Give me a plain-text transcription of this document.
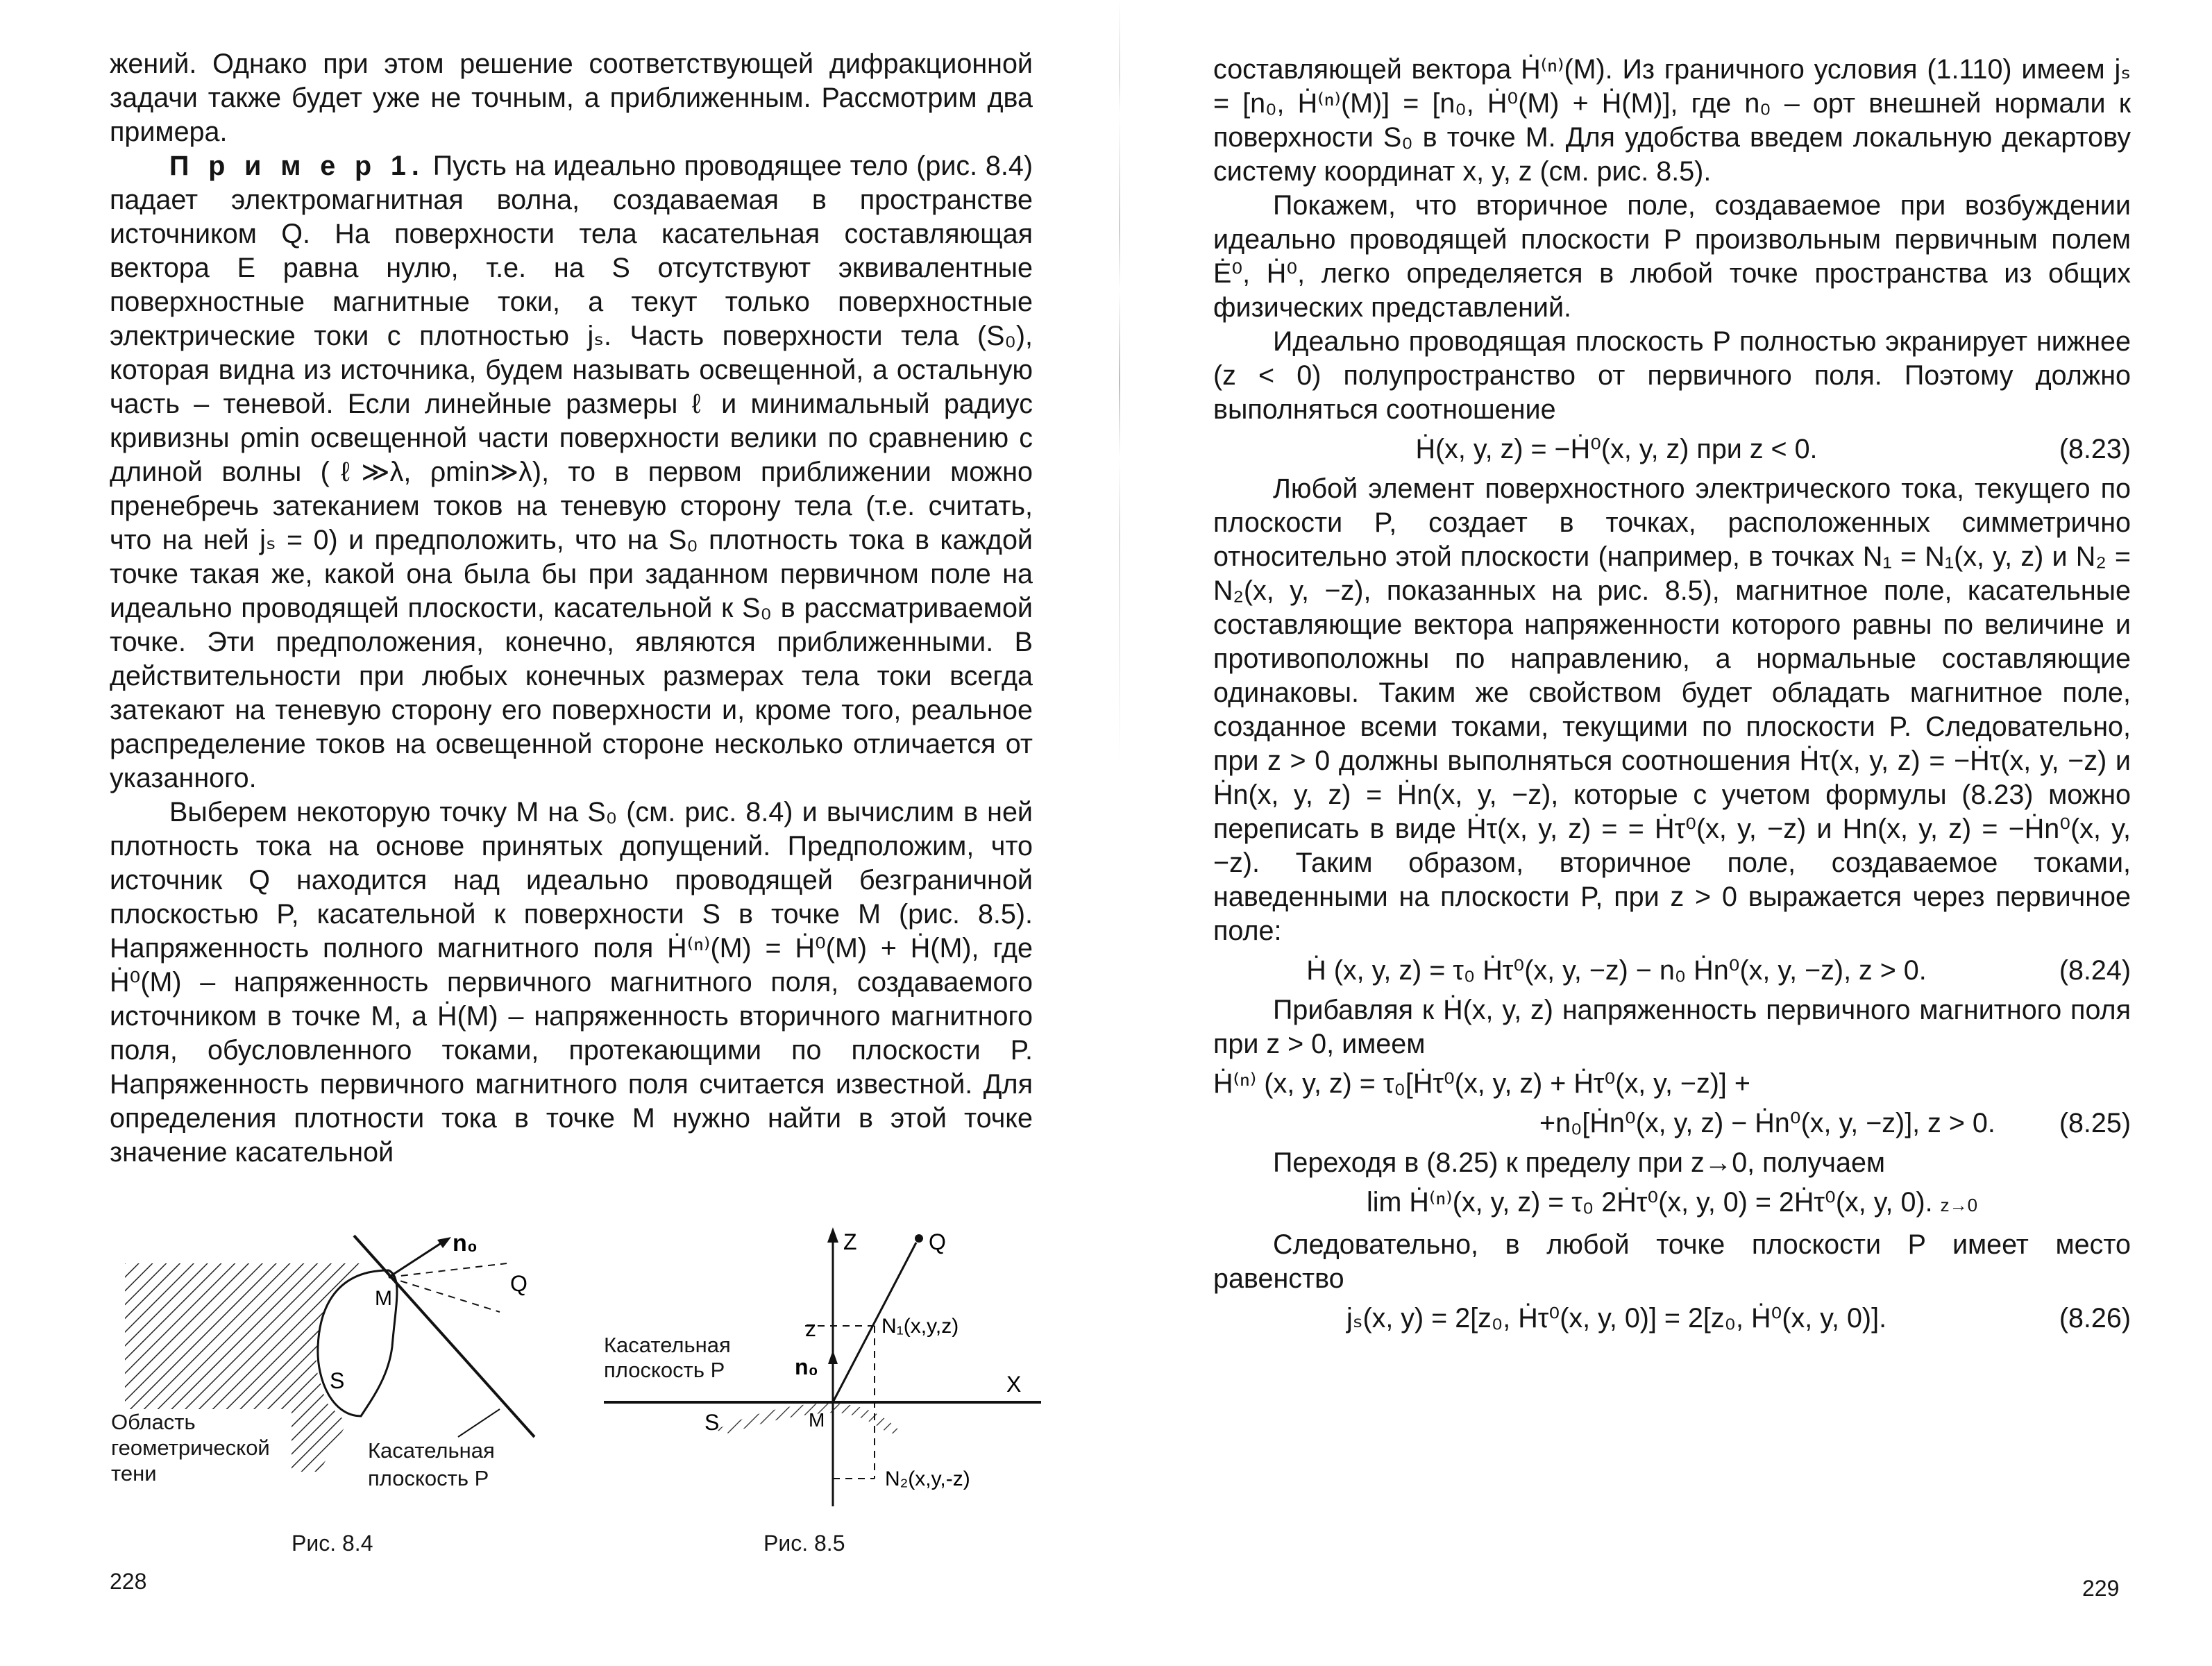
жений. Однако при этом решение соответствующей дифракционной задачи также будет уже не точным, а приближенным. Рассмотрим два примера.

П р и м е р 1. Пусть на идеально проводящее тело (рис. 8.4) падает электромагнитная волна, создаваемая в пространстве источником Q. На поверхности тела касательная составляющая вектора E равна нулю, т.е. на S отсутствуют эквивалентные поверхностные магнитные токи, а текут только поверхностные электрические токи с плотностью jₛ. Часть поверхности тела (S₀), которая видна из источника, будем называть освещенной, а остальную часть – теневой. Если линейные размеры ℓ и минимальный радиус кривизны ρmin освещенной части поверхности велики по сравнению с длиной волны (ℓ≫λ, ρmin≫λ), то в первом приближении можно пренебречь затеканием токов на теневую сторону тела (т.е. считать, что на ней jₛ = 0) и предположить, что на S₀ плотность тока в каждой точке такая же, какой она была бы при заданном первичном поле на идеально проводящей плоскости, касательной к S₀ в рассматриваемой точке. Эти предположения, конечно, являются приближенными. В действительности при любых конечных размерах тела токи всегда затекают на теневую сторону его поверхности и, кроме того, реальное распределение токов на освещенной стороне несколько отличается от указанного.

Выберем некоторую точку M на S₀ (см. рис. 8.4) и вычислим в ней плотность тока на основе принятых допущений. Предположим, что источник Q находится над идеально проводящей безграничной плоскостью P, касательной к поверхности S в точке M (рис. 8.5). Напряженность полного магнитного поля Ḣ⁽ⁿ⁾(M) = Ḣ⁰(M) + Ḣ(M), где Ḣ⁰(M) – напряженность первичного магнитного поля, создаваемого источником в точке M, а Ḣ(M) – напряженность вторичного магнитного поля, обусловленного токами, протекающими по плоскости P. Напряженность первичного магнитного поля считается известной. Для определения плотности тока в точке M нужно найти в этой точке значение касательной

n₀
M
Q
S
Область геометрической тени
Касательная плоскость P
Рис. 8.4
Z	Q
z	N₁(x,y,z)
n₀
X
S	M
N₂(x,y,-z)
Касательная плоскость P
Рис. 8.5
228

составляющей вектора Ḣ⁽ⁿ⁾(M). Из граничного условия (1.110) имеем jₛ = [n₀, Ḣ⁽ⁿ⁾(M)] = [n₀, Ḣ⁰(M) + Ḣ(M)], где n₀ – орт внешней нормали к поверхности S₀ в точке M. Для удобства введем локальную декартову систему координат x, y, z (см. рис. 8.5).

Покажем, что вторичное поле, создаваемое при возбуждении идеально проводящей плоскости P произвольным первичным полем Ė⁰, Ḣ⁰, легко определяется в любой точке пространства из общих физических представлений.

Идеально проводящая плоскость P полностью экранирует нижнее (z < 0) полупространство от первичного поля. Поэтому должно выполняться соотношение

Ḣ(x, y, z) = −Ḣ⁰(x, y, z) при z < 0.	(8.23)

Любой элемент поверхностного электрического тока, текущего по плоскости P, создает в точках, расположенных симметрично относительно этой плоскости (например, в точках N₁ = N₁(x, y, z) и N₂ = N₂(x, y, −z), показанных на рис. 8.5), магнитное поле, касательные составляющие вектора напряженности которого равны по величине и противоположны по направлению, а нормальные составляющие одинаковы. Таким же свойством будет обладать магнитное поле, созданное всеми токами, текущими по плоскости P. Следовательно, при z > 0 должны выполняться соотношения Ḣτ(x, y, z) = −Ḣτ(x, y, −z) и Ḣn(x, y, z) = Ḣn(x, y, −z), которые с учетом формулы (8.23) можно переписать в виде Ḣτ(x, y, z) = = Ḣτ⁰(x, y, −z) и Hn(x, y, z) = −Ḣn⁰(x, y, −z). Таким образом, вторичное поле, создаваемое токами, наведенными на плоскости P, при z > 0 выражается через первичное поле:

Ḣ (x, y, z) = τ₀ Ḣτ⁰(x, y, −z) − n₀ Ḣn⁰(x, y, −z), z > 0.	(8.24)

Прибавляя к Ḣ(x, y, z) напряженность первичного магнитного поля при z > 0, имеем

Ḣ⁽ⁿ⁾ (x, y, z) = τ₀[Ḣτ⁰(x, y, z) + Ḣτ⁰(x, y, −z)] +
+n₀[Ḣn⁰(x, y, z) − Ḣn⁰(x, y, −z)], z > 0.	(8.25)

Переходя в (8.25) к пределу при z→0, получаем

lim Ḣ⁽ⁿ⁾(x, y, z) = τ₀ 2Ḣτ⁰(x, y, 0) = 2Ḣτ⁰(x, y, 0). z→0

Следовательно, в любой точке плоскости P имеет место равенство

jₛ(x, y) = 2[z₀, Ḣτ⁰(x, y, 0)] = 2[z₀, Ḣ⁰(x, y, 0)].	(8.26)
229
